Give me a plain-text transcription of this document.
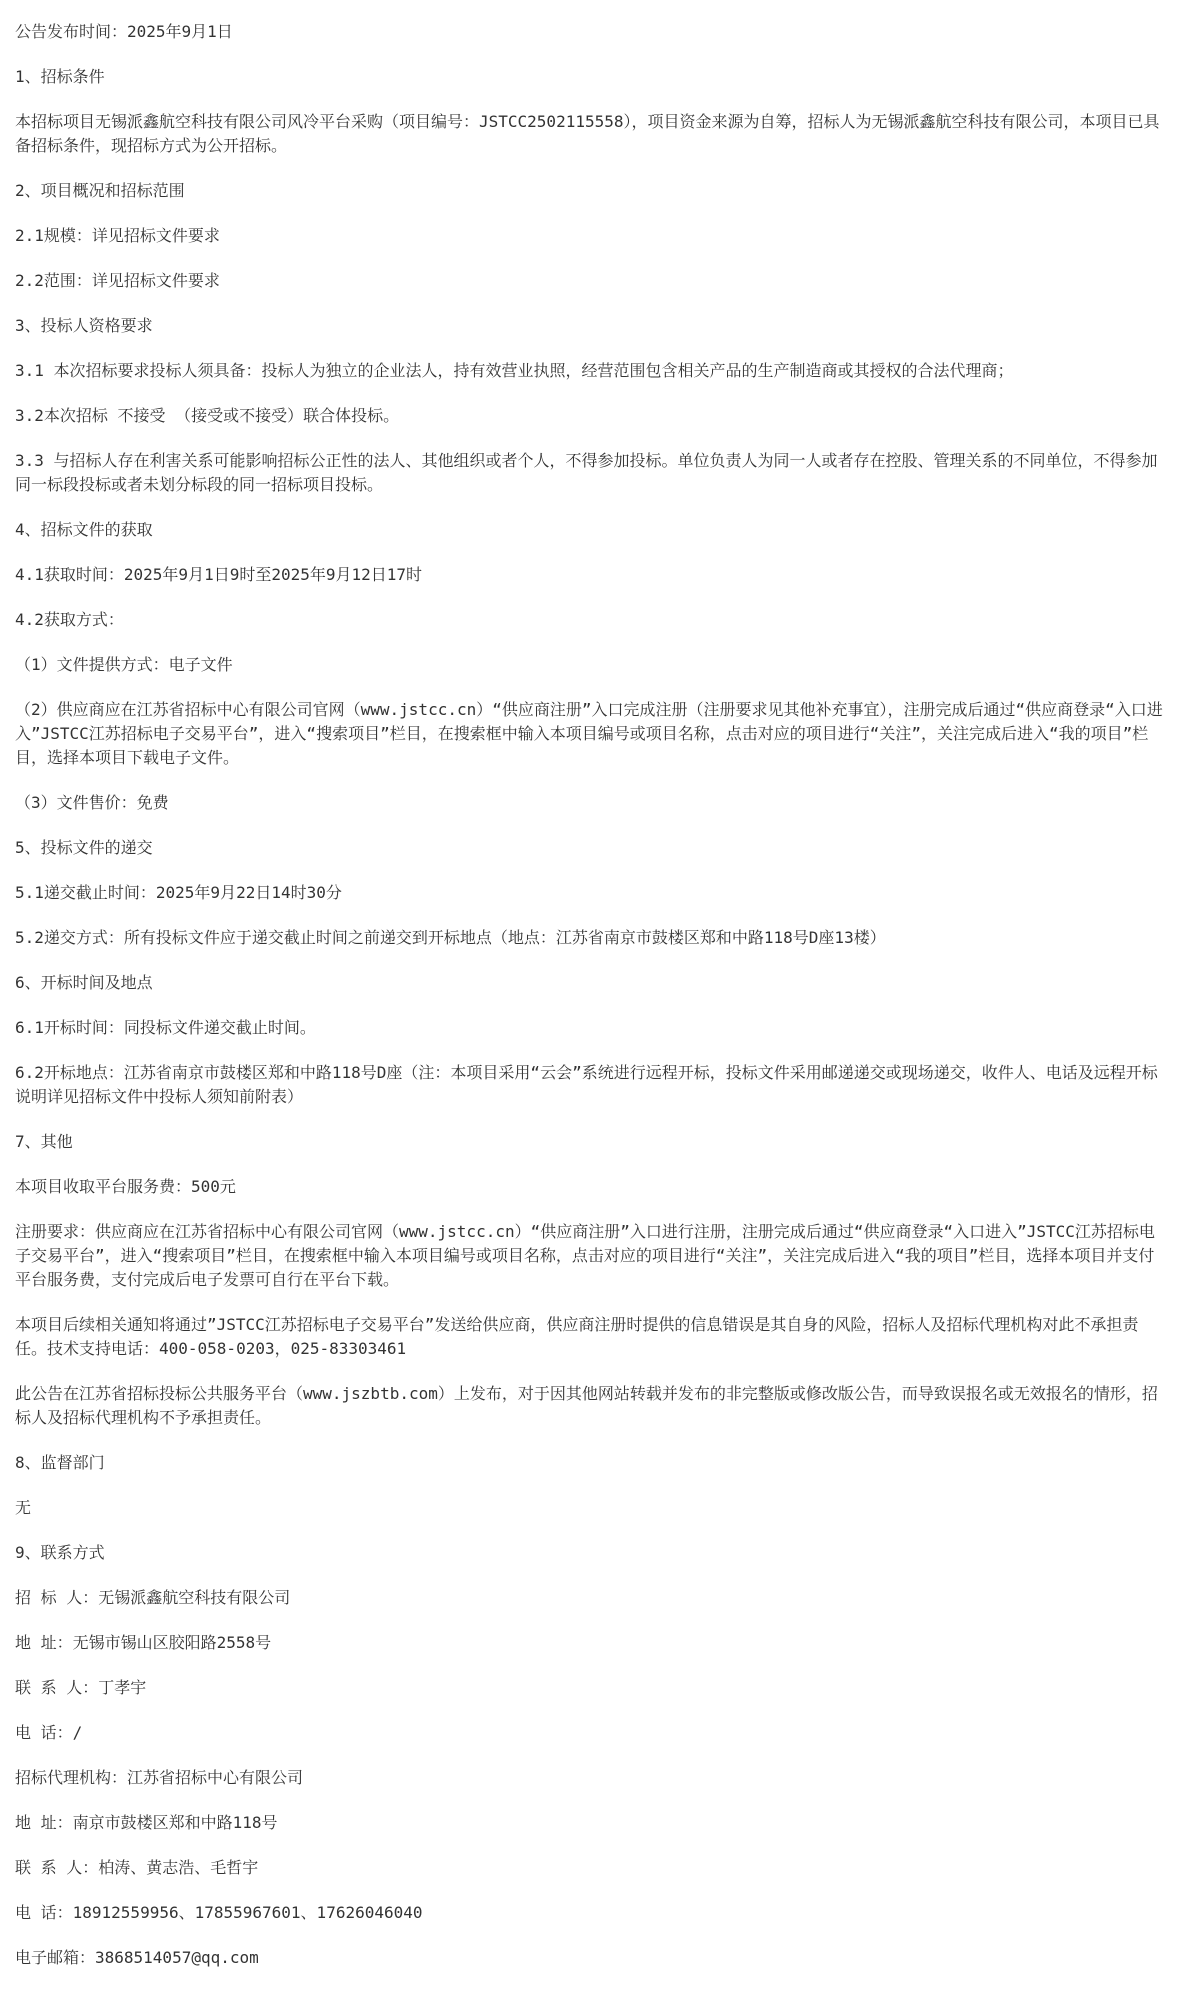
公告发布时间：2025年9月1日

1、招标条件

本招标项目无锡派鑫航空科技有限公司风冷平台采购（项目编号：JSTCC2502115558），项目资金来源为自筹，招标人为无锡派鑫航空科技有限公司，本项目已具备招标条件，现招标方式为公开招标。

2、项目概况和招标范围

2.1规模：详见招标文件要求

2.2范围：详见招标文件要求

3、投标人资格要求

3.1 本次招标要求投标人须具备：投标人为独立的企业法人，持有效营业执照，经营范围包含相关产品的生产制造商或其授权的合法代理商；

3.2本次招标 不接受 （接受或不接受）联合体投标。

3.3 与招标人存在利害关系可能影响招标公正性的法人、其他组织或者个人，不得参加投标。单位负责人为同一人或者存在控股、管理关系的不同单位，不得参加同一标段投标或者未划分标段的同一招标项目投标。

4、招标文件的获取

4.1获取时间：2025年9月1日9时至2025年9月12日17时

4.2获取方式：

（1）文件提供方式：电子文件

（2）供应商应在江苏省招标中心有限公司官网（www.jstcc.cn）“供应商注册”入口完成注册（注册要求见其他补充事宜），注册完成后通过“供应商登录“入口进入”JSTCC江苏招标电子交易平台”，进入“搜索项目”栏目，在搜索框中输入本项目编号或项目名称，点击对应的项目进行“关注”，关注完成后进入“我的项目”栏目，选择本项目下载电子文件。

（3）文件售价：免费

5、投标文件的递交

5.1递交截止时间：2025年9月22日14时30分

5.2递交方式：所有投标文件应于递交截止时间之前递交到开标地点（地点：江苏省南京市鼓楼区郑和中路118号D座13楼）

6、开标时间及地点

6.1开标时间：同投标文件递交截止时间。

6.2开标地点：江苏省南京市鼓楼区郑和中路118号D座（注：本项目采用“云会”系统进行远程开标，投标文件采用邮递递交或现场递交，收件人、电话及远程开标说明详见招标文件中投标人须知前附表）

7、其他

本项目收取平台服务费：500元

注册要求：供应商应在江苏省招标中心有限公司官网（www.jstcc.cn）“供应商注册”入口进行注册，注册完成后通过“供应商登录“入口进入”JSTCC江苏招标电子交易平台”，进入“搜索项目”栏目，在搜索框中输入本项目编号或项目名称，点击对应的项目进行“关注”，关注完成后进入“我的项目”栏目，选择本项目并支付平台服务费，支付完成后电子发票可自行在平台下载。

本项目后续相关通知将通过”JSTCC江苏招标电子交易平台”发送给供应商，供应商注册时提供的信息错误是其自身的风险，招标人及招标代理机构对此不承担责任。技术支持电话：400-058-0203，025-83303461

此公告在江苏省招标投标公共服务平台（www.jszbtb.com）上发布，对于因其他网站转载并发布的非完整版或修改版公告，而导致误报名或无效报名的情形，招标人及招标代理机构不予承担责任。

8、监督部门

无

9、联系方式

招 标 人：无锡派鑫航空科技有限公司

地 址：无锡市锡山区胶阳路2558号

联 系 人：丁孝宇

电 话：/

招标代理机构：江苏省招标中心有限公司

地 址：南京市鼓楼区郑和中路118号

联 系 人：柏涛、黄志浩、毛哲宇

电 话：18912559956、17855967601、17626046040

电子邮箱：3868514057@qq.com
